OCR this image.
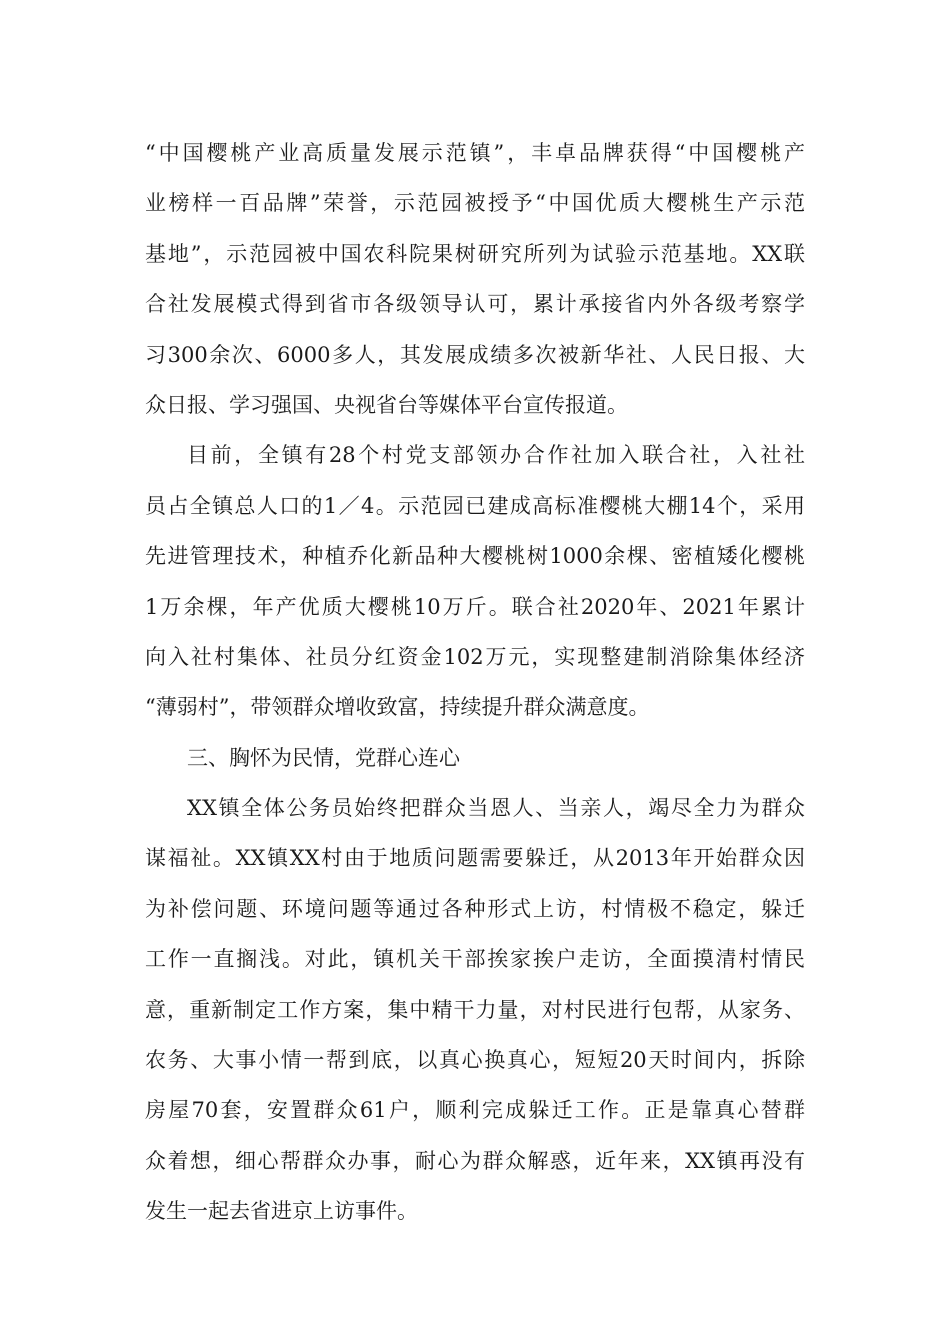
“中国樱桃产业高质量发展示范镇”，丰卓品牌获得“中国樱桃产
业榜样一百品牌”荣誉，示范园被授予“中国优质大樱桃生产示范
基地”，示范园被中国农科院果树研究所列为试验示范基地。XX联
合社发展模式得到省市各级领导认可，累计承接省内外各级考察学
习300余次、6000多人，其发展成绩多次被新华社、人民日报、大
众日报、学习强国、央视省台等媒体平台宣传报道。
目前，全镇有28个村党支部领办合作社加入联合社，入社社
员占全镇总人口的1／4。示范园已建成高标准樱桃大棚14个，采用
先进管理技术，种植乔化新品种大樱桃树1000余棵、密植矮化樱桃
1万余棵，年产优质大樱桃10万斤。联合社2020年、2021年累计
向入社村集体、社员分红资金102万元，实现整建制消除集体经济
“薄弱村”，带领群众增收致富，持续提升群众满意度。
三、胸怀为民情，党群心连心
XX镇全体公务员始终把群众当恩人、当亲人，竭尽全力为群众
谋福祉。XX镇XX村由于地质问题需要躲迁，从2013年开始群众因
为补偿问题、环境问题等通过各种形式上访，村情极不稳定，躲迁
工作一直搁浅。对此，镇机关干部挨家挨户走访，全面摸清村情民
意，重新制定工作方案，集中精干力量，对村民进行包帮，从家务、
农务、大事小情一帮到底，以真心换真心，短短20天时间内，拆除
房屋70套，安置群众61户，顺利完成躲迁工作。正是靠真心替群
众着想，细心帮群众办事，耐心为群众解惑，近年来，XX镇再没有
发生一起去省进京上访事件。
